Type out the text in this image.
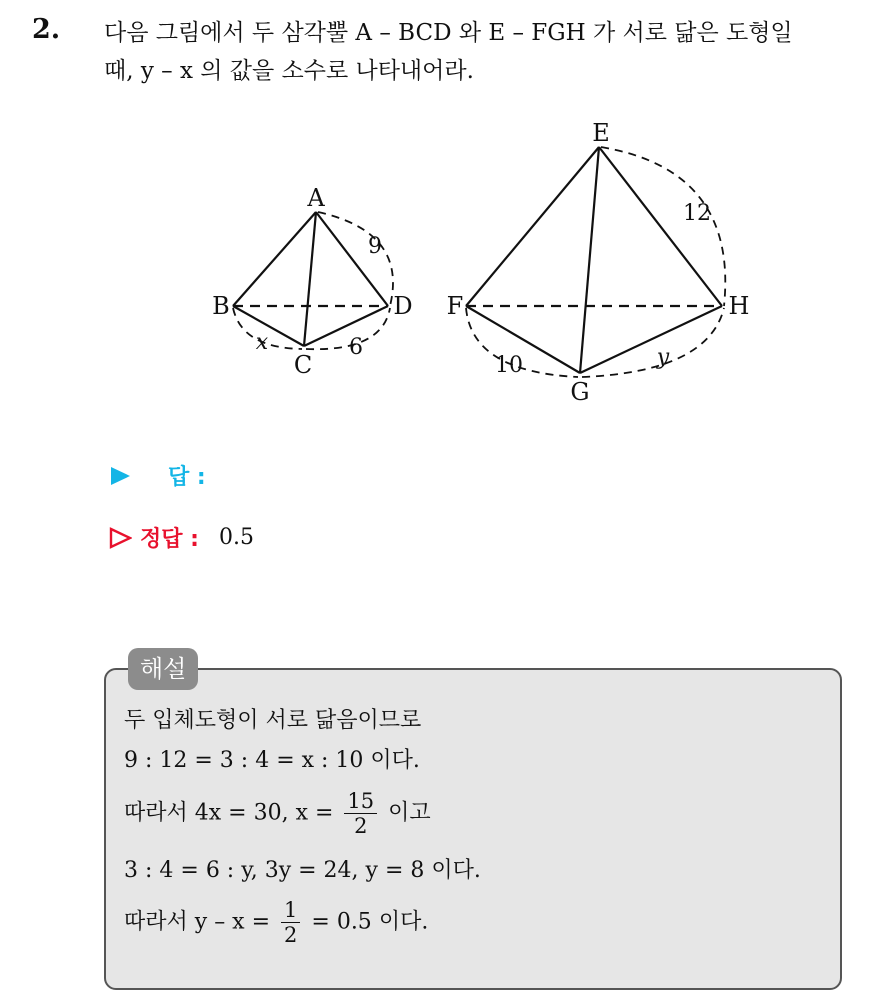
2. 다음 그림에서 두 삼각뿔 A – BCD 와 E – FGH 가 서로 닮은 도형일
때, y – x 의 값을 소수로 나타내어라.
A
B
C
D
9
x	6
E
F
G
H
12
10	y
답 :
정답 : 0.5
해설
두 입체도형이 서로 닮음이므로
9 : 12 = 3 : 4 = x : 10 이다.
따라서 4x = 30, $x = \frac{15}{2}$ 이고
3 : 4 = 6 : y, 3y = 24, y = 8 이다.
따라서 $y - x = \frac{1}{2} = 0.5$ 이다.
